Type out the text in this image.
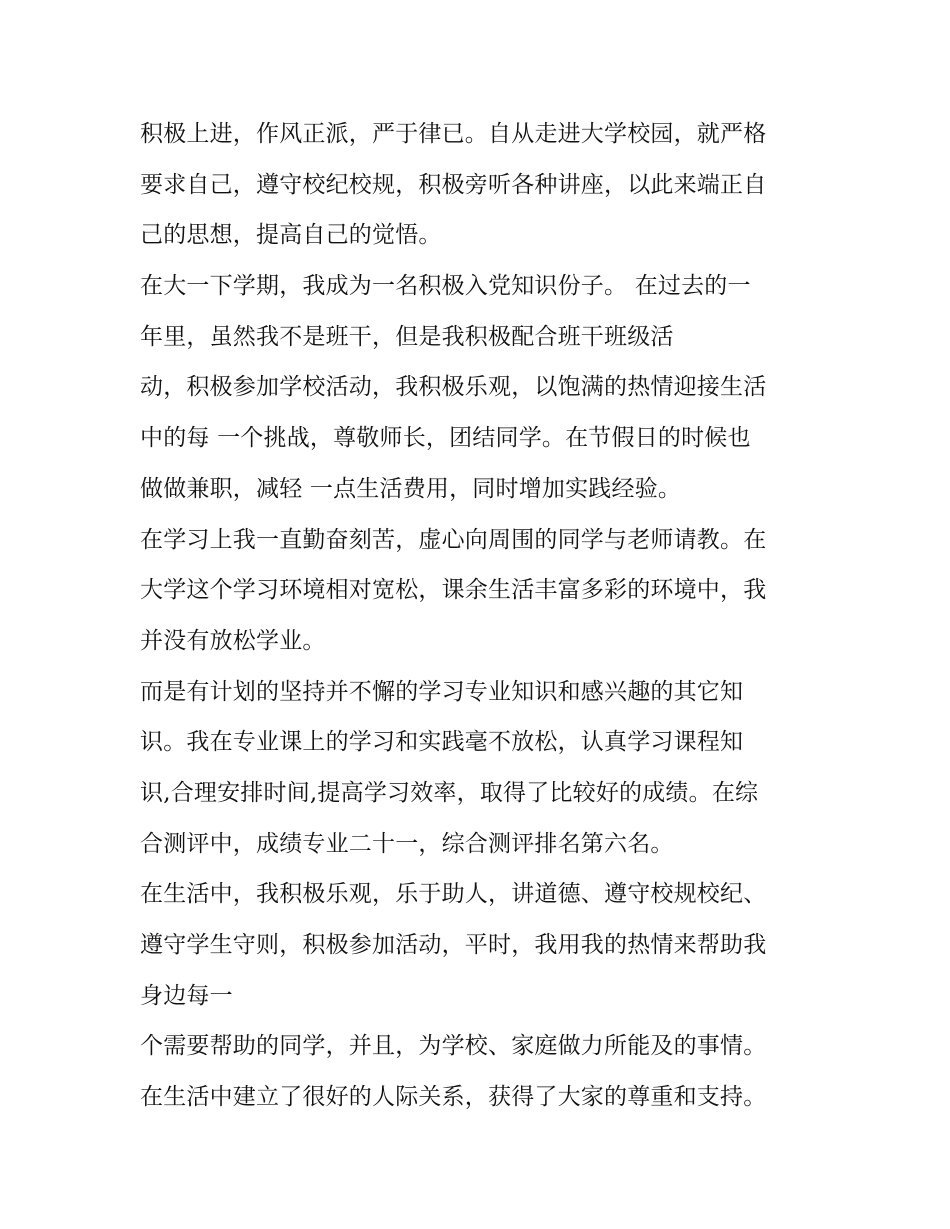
积极上进，作风正派，严于律已。自从走进大学校园，就严格
要求自己，遵守校纪校规，积极旁听各种讲座，以此来端正自
己的思想，提高自己的觉悟。
在大一下学期，我成为一名积极入党知识份子。 在过去的一
年里，虽然我不是班干，但是我积极配合班干班级活
动，积极参加学校活动，我积极乐观，以饱满的热情迎接生活
中的每 一个挑战，尊敬师长，团结同学。在节假日的时候也
做做兼职，减轻 一点生活费用，同时增加实践经验。
在学习上我一直勤奋刻苦，虚心向周围的同学与老师请教。在
大学这个学习环境相对宽松，课余生活丰富多彩的环境中，我
并没有放松学业。
而是有计划的坚持并不懈的学习专业知识和感兴趣的其它知
识。我在专业课上的学习和实践毫不放松，认真学习课程知
识,合理安排时间,提高学习效率，取得了比较好的成绩。在综
合测评中，成绩专业二十一，综合测评排名第六名。
在生活中，我积极乐观，乐于助人，讲道德、遵守校规校纪、
遵守学生守则，积极参加活动，平时，我用我的热情来帮助我
身边每一
个需要帮助的同学，并且，为学校、家庭做力所能及的事情。
在生活中建立了很好的人际关系，获得了大家的尊重和支持。
